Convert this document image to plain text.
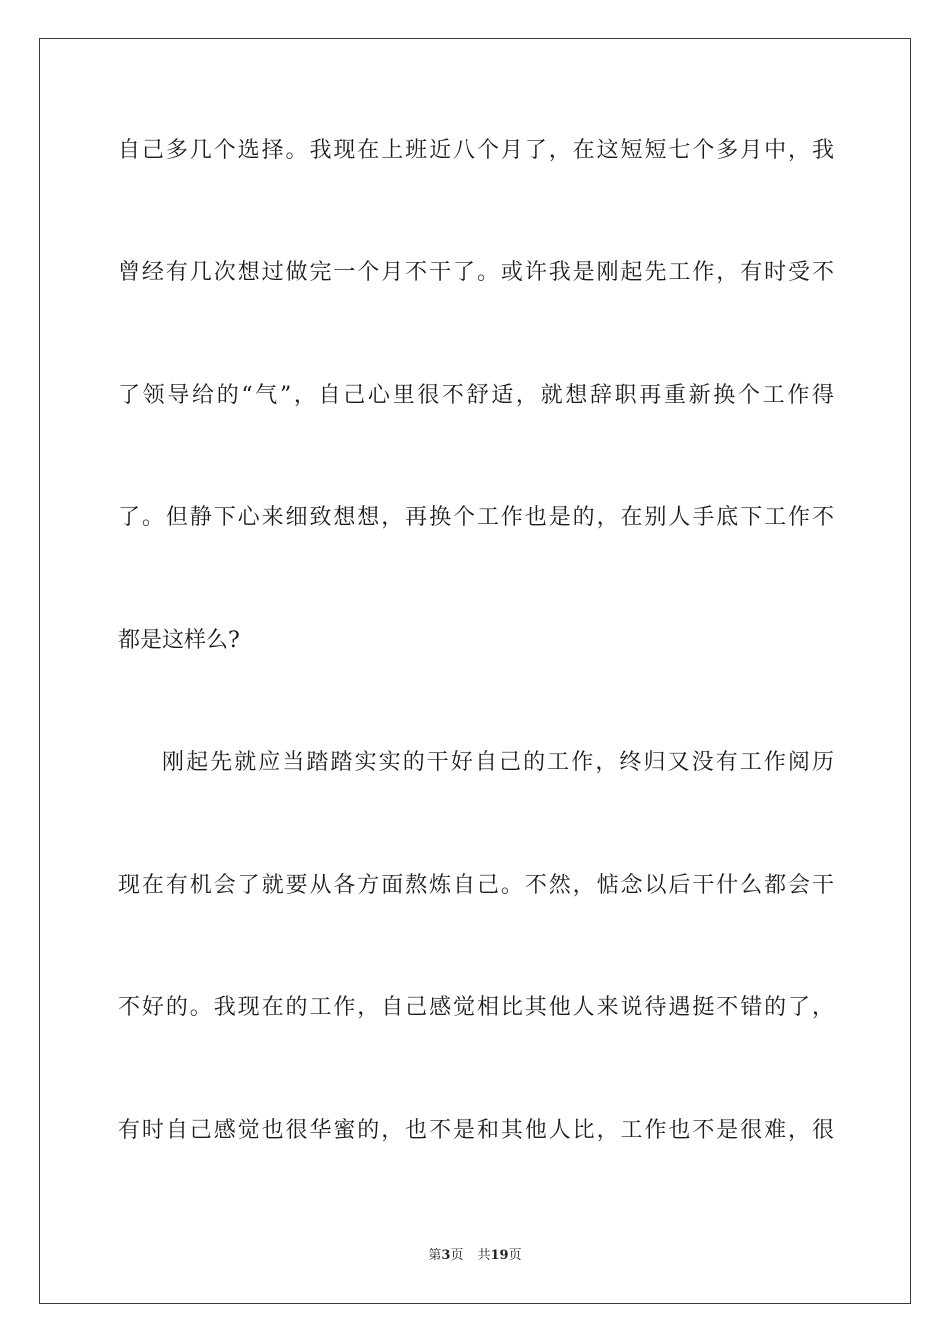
自己多几个选择。我现在上班近八个月了，在这短短七个多月中，我
曾经有几次想过做完一个月不干了。或许我是刚起先工作，有时受不
了领导给的“气”，自己心里很不舒适，就想辞职再重新换个工作得
了。但静下心来细致想想，再换个工作也是的，在别人手底下工作不
都是这样么?
刚起先就应当踏踏实实的干好自己的工作，终归又没有工作阅历
现在有机会了就要从各方面熬炼自己。不然，惦念以后干什么都会干
不好的。我现在的工作，自己感觉相比其他人来说待遇挺不错的了，
有时自己感觉也很华蜜的，也不是和其他人比，工作也不是很难，很
第3页 共19页
